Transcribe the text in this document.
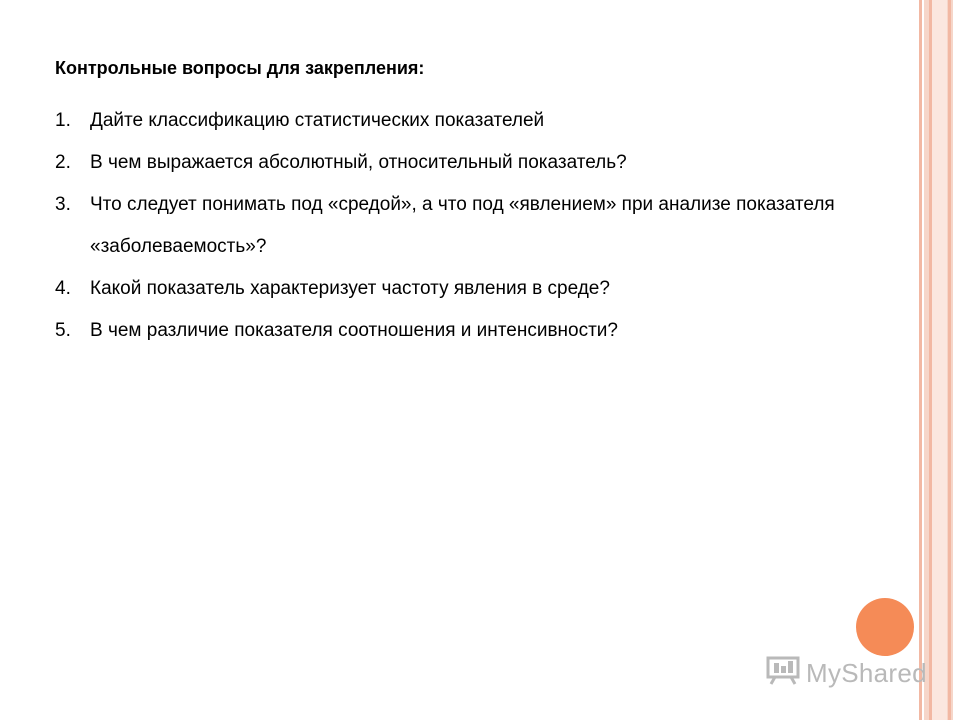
Контрольные вопросы для закрепления:
1.	Дайте классификацию статистических показателей
2.	В чем выражается абсолютный, относительный показатель?
3.	Что следует понимать под «средой», а что под «явлением» при анализе показателя «заболеваемость»?
4.	Какой показатель характеризует частоту явления в среде?
5.	В чем различие показателя соотношения и интенсивности?
MyShared
